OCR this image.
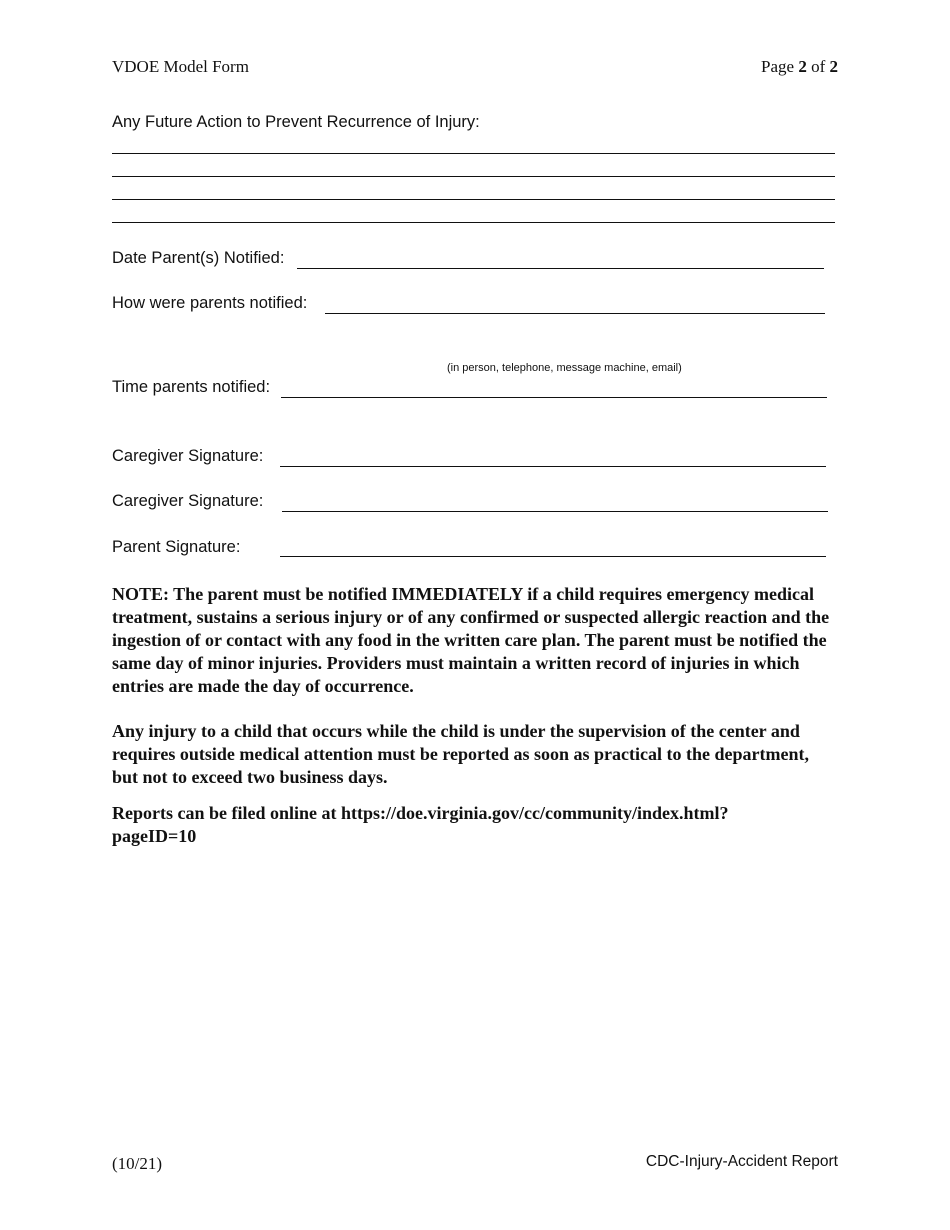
VDOE Model Form	Page 2 of 2
Any Future Action to Prevent Recurrence of Injury:
Date Parent(s) Notified:
How were parents notified:
(in person, telephone, message machine, email)
Time parents notified:
Caregiver Signature:
Caregiver Signature:
Parent Signature:
NOTE: The parent must be notified IMMEDIATELY if a child requires emergency medical treatment, sustains a serious injury or of any confirmed or suspected allergic reaction and the ingestion of or contact with any food in the written care plan. The parent must be notified the same day of minor injuries. Providers must maintain a written record of injuries in which entries are made the day of occurrence.
Any injury to a child that occurs while the child is under the supervision of the center and requires outside medical attention must be reported as soon as practical to the department, but not to exceed two business days.
Reports can be filed online at https://doe.virginia.gov/cc/community/index.html?pageID=10
(10/21)	CDC-Injury-Accident Report
